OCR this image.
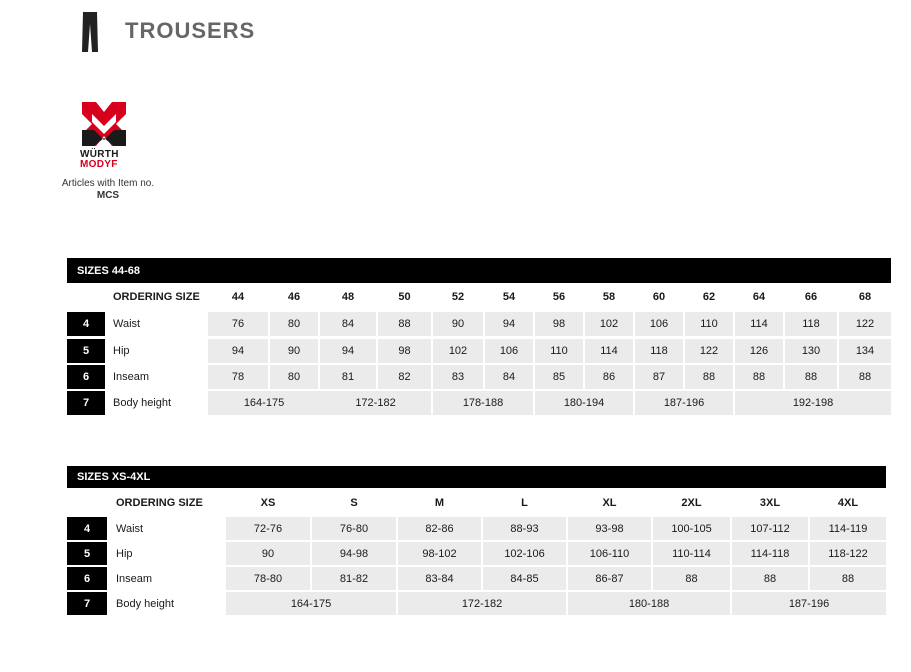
TROUSERS
WÜRTH
MODYF
Articles with Item no. MCS
SIZES 44-68
ORDERING SIZE	44	46	48	50	52	54	56	58	60	62	64	66	68
4	Waist	76	80	84	88	90	94	98	102	106	110	114	118	122
5	Hip	94	90	94	98	102	106	110	114	118	122	126	130	134
6	Inseam	78	80	81	82	83	84	85	86	87	88	88	88	88
7	Body height	164-175	172-182	178-188	180-194	187-196	192-198
SIZES XS-4XL
ORDERING SIZE	XS	S	M	L	XL	2XL	3XL	4XL
4	Waist	72-76	76-80	82-86	88-93	93-98	100-105	107-112	114-119
5	Hip	90	94-98	98-102	102-106	106-110	110-114	114-118	118-122
6	Inseam	78-80	81-82	83-84	84-85	86-87	88	88	88
7	Body height	164-175	172-182	180-188	187-196
